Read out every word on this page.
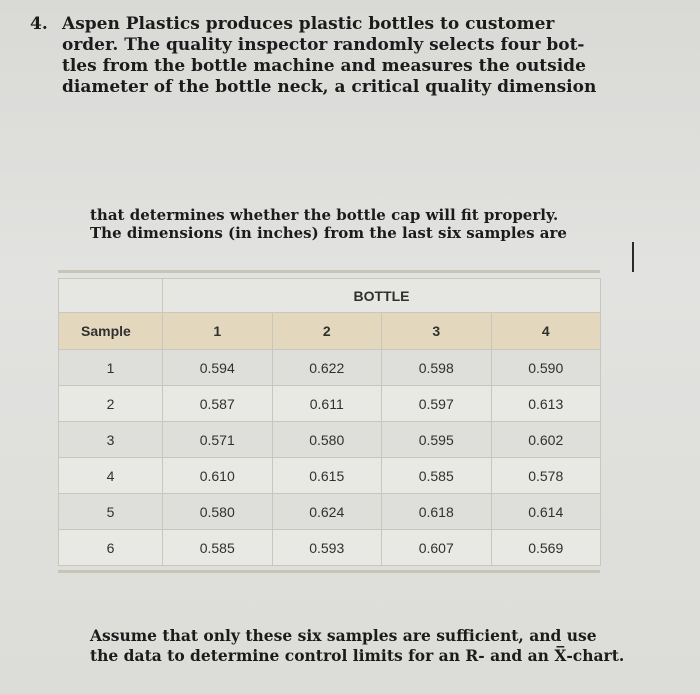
4. Aspen Plastics produces plastic bottles to customer
order. The quality inspector randomly selects four bot-
tles from the bottle machine and measures the outside
diameter of the bottle neck, a critical quality dimension
that determines whether the bottle cap will fit properly.
The dimensions (in inches) from the last six samples are
	BOTTLE			
Sample	1	2	3	4
1	0.594	0.622	0.598	0.590
2	0.587	0.611	0.597	0.613
3	0.571	0.580	0.595	0.602
4	0.610	0.615	0.585	0.578
5	0.580	0.624	0.618	0.614
6	0.585	0.593	0.607	0.569
Assume that only these six samples are sufficient, and use
the data to determine control limits for an R- and an X̅-chart.
